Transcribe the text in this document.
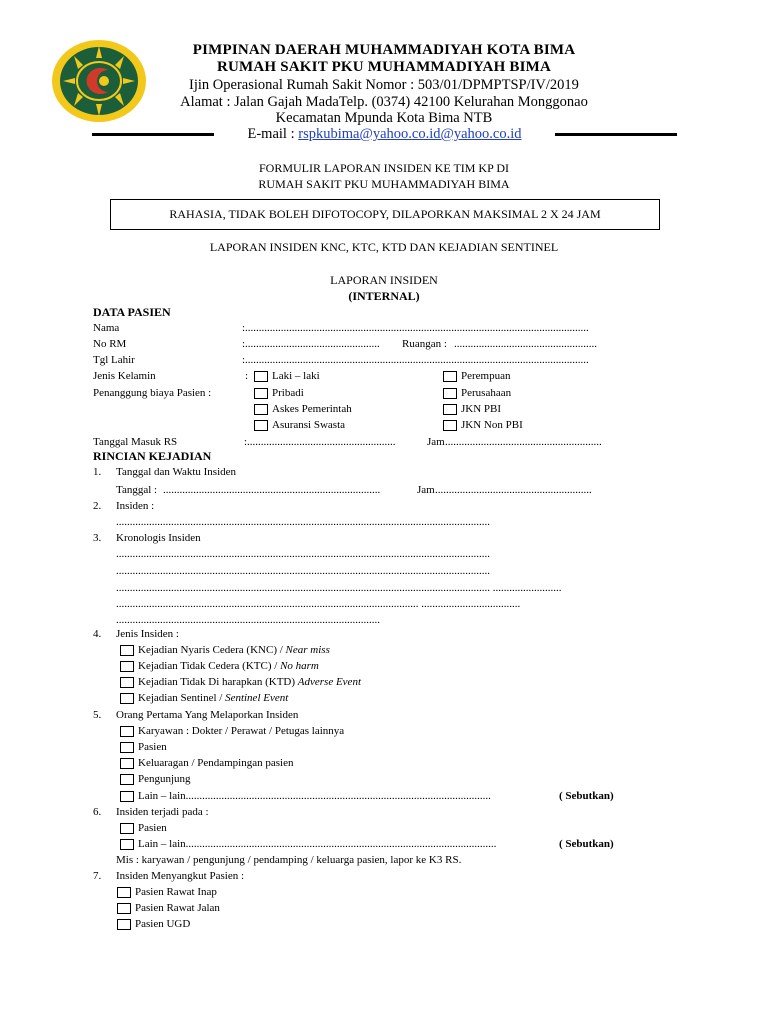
PIMPINAN DAERAH MUHAMMADIYAH KOTA BIMA
RUMAH SAKIT PKU MUHAMMADIYAH BIMA
Ijin Operasional Rumah Sakit Nomor : 503/01/DPMPTSP/IV/2019
Alamat : Jalan Gajah MadaTelp. (0374) 42100 Kelurahan Monggonao
Kecamatan Mpunda Kota Bima NTB
E-mail : rspkubima@yahoo.co.id@yahoo.co.id
FORMULIR LAPORAN INSIDEN KE TIM KP DI
RUMAH SAKIT PKU MUHAMMADIYAH BIMA
RAHASIA, TIDAK BOLEH DIFOTOCOPY, DILAPORKAN MAKSIMAL 2 X 24 JAM
LAPORAN INSIDEN KNC, KTC, KTD DAN KEJADIAN SENTINEL
LAPORAN INSIDEN
(INTERNAL)
DATA PASIEN
Nama	:.............................................................................................................................
No RM	:................................................. Ruangan : ....................................................
Tgl Lahir	:.............................................................................................................................
Jenis Kelamin	:	Laki – laki	Perempuan
Penanggung biaya Pasien :	Pribadi	Perusahaan
Askes Pemerintah	JKN PBI
Asuransi Swasta	JKN Non PBI
Tanggal Masuk RS	:......................................................	Jam .........................................................
RINCIAN KEJADIAN
1. Tanggal dan Waktu Insiden
Tanggal : ...............................................................................	Jam .........................................................
2. Insiden :
........................................................................................................................................
3. Kronologis Insiden
........................................................................................................................................
........................................................................................................................................
........................................................................................................................................ .........................
.............................................................................................................. ....................................
................................................................................................
4. Jenis Insiden :
Kejadian Nyaris Cedera (KNC) / Near miss
Kejadian Tidak Cedera (KTC) / No harm
Kejadian Tidak Di harapkan (KTD) Adverse Event
Kejadian Sentinel / Sentinel Event
5. Orang Pertama Yang Melaporkan Insiden
Karyawan : Dokter / Perawat / Petugas lainnya
Pasien
Keluaragan / Pendampingan pasien
Pengunjung
Lain – lain...............................................................................................................	( Sebutkan)
6. Insiden terjadi pada :
Pasien
Lain – lain.................................................................................................................	( Sebutkan)
Mis : karyawan / pengunjung / pendamping / keluarga pasien, lapor ke K3 RS.
7. Insiden Menyangkut Pasien :
Pasien Rawat Inap
Pasien Rawat Jalan
Pasien UGD
